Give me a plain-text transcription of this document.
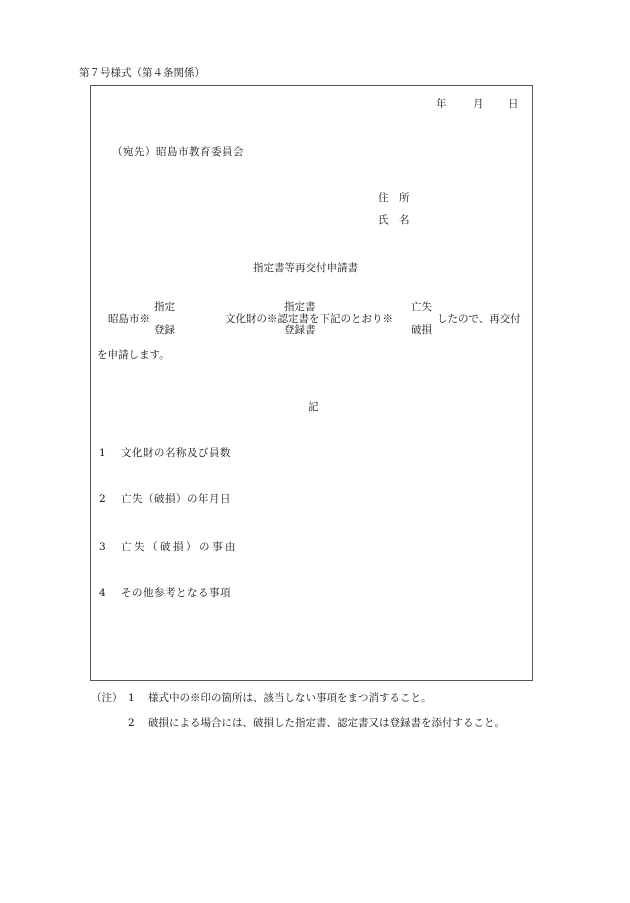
第７号様式（第４条関係）
年	月 日
（宛先）昭島市教育委員会
住　所
氏　名
指定書等再交付申請書
昭島市※
指定
登録
指定書
文化財の※認定書を下記のとおり※
登録書
亡失
破損
したので、再交付
を申請します。
記
1 文化財の名称及び員数
2 亡失（破損）の年月日
3 亡失（破損）の事由
4 その他参考となる事項
（注） 1 様式中の※印の箇所は、該当しない事項をまつ消すること。
2 破損による場合には、破損した指定書、認定書又は登録書を添付すること。
